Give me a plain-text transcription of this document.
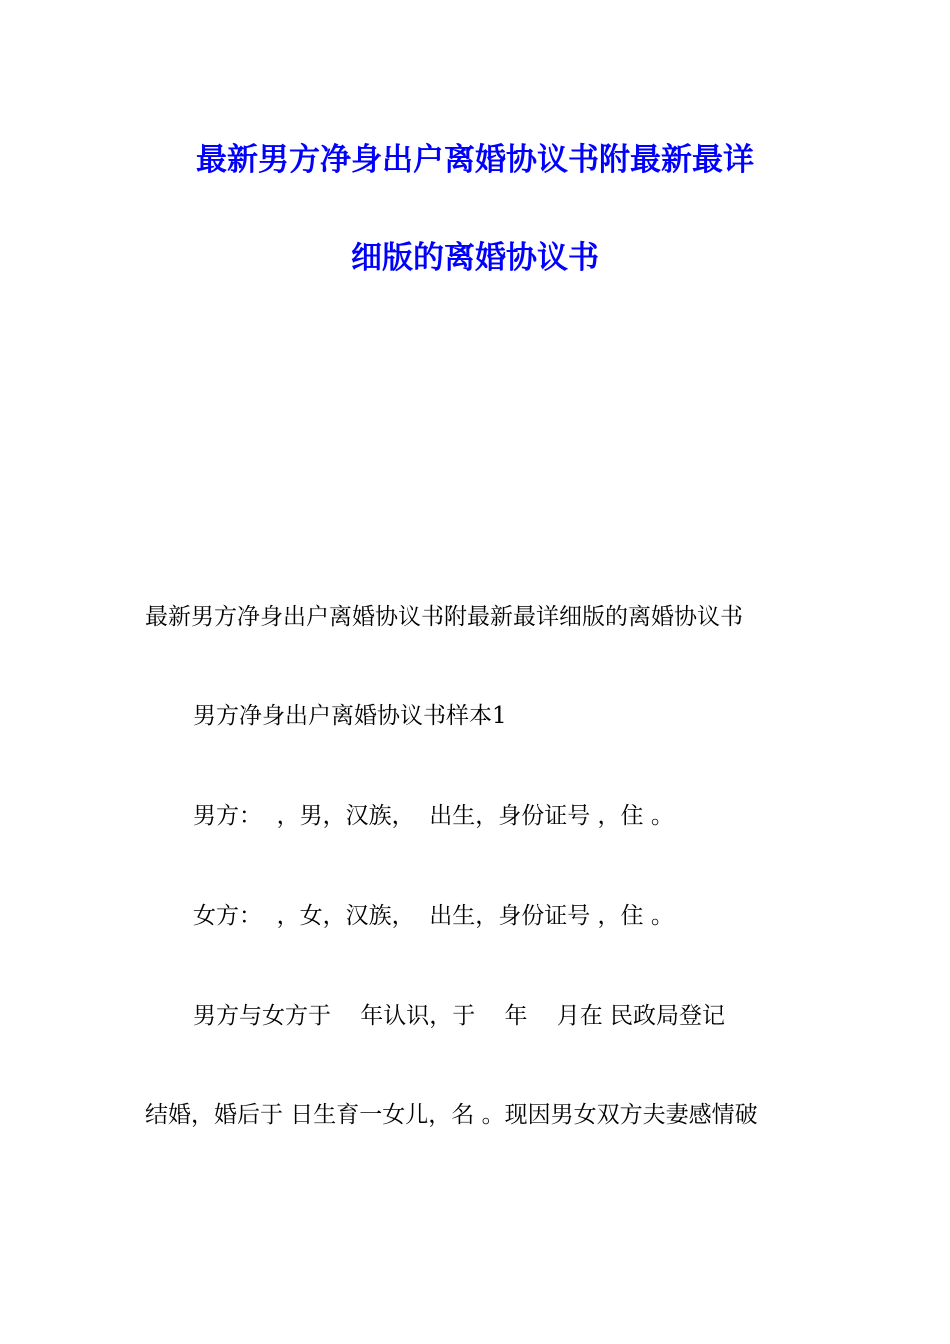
最新男方净身出户离婚协议书附最新最详
细版的离婚协议书
最新男方净身出户离婚协议书附最新最详细版的离婚协议书
男方净身出户离婚协议书样本1
男方：  ，男，汉族，  出生，身份证号 ，住 。
女方：  ，女，汉族，  出生，身份证号 ，住 。
男方与女方于    年认识，于    年    月在 民政局登记
结婚，婚后于 日生育一女儿，名 。现因男女双方夫妻感情破
